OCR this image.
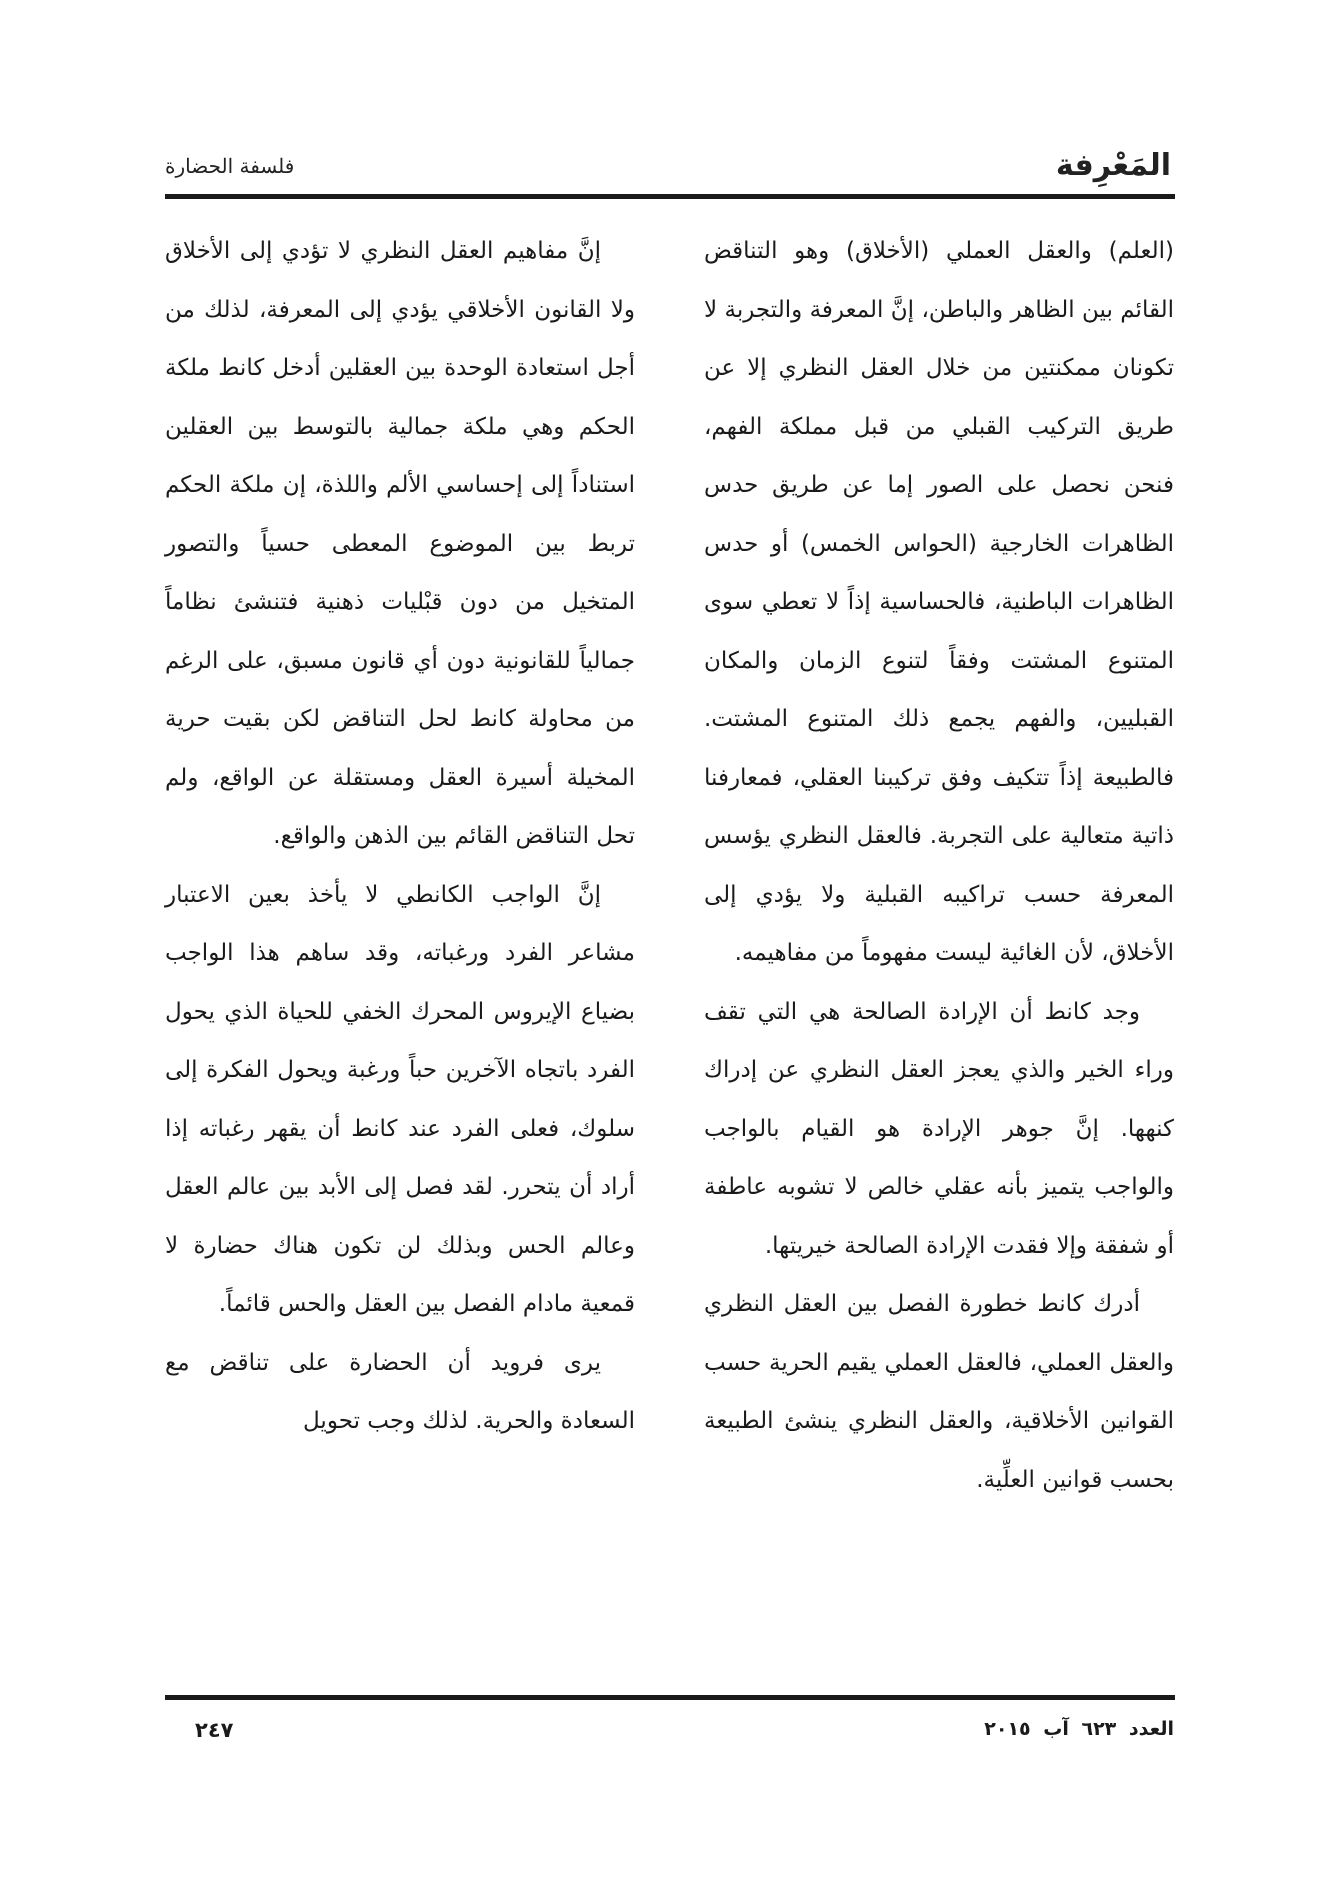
المَعْرِفة
فلسفة الحضارة

(العلم) والعقل العملي (الأخلاق) وهو التناقض القائم بين الظاهر والباطن، إنَّ المعرفة والتجربة لا تكونان ممكنتين من خلال العقل النظري إلا عن طريق التركيب القبلي من قبل مملكة الفهم، فنحن نحصل على الصور إما عن طريق حدس الظاهرات الخارجية (الحواس الخمس) أو حدس الظاهرات الباطنية، فالحساسية إذاً لا تعطي سوى المتنوع المشتت وفقاً لتنوع الزمان والمكان القبليين، والفهم يجمع ذلك المتنوع المشتت. فالطبيعة إذاً تتكيف وفق تركيبنا العقلي، فمعارفنا ذاتية متعالية على التجربة. فالعقل النظري يؤسس المعرفة حسب تراكيبه القبلية ولا يؤدي إلى الأخلاق، لأن الغائية ليست مفهوماً من مفاهيمه.

وجد كانط أن الإرادة الصالحة هي التي تقف وراء الخير والذي يعجز العقل النظري عن إدراك كنهها. إنَّ جوهر الإرادة هو القيام بالواجب والواجب يتميز بأنه عقلي خالص لا تشوبه عاطفة أو شفقة وإلا فقدت الإرادة الصالحة خيريتها.

أدرك كانط خطورة الفصل بين العقل النظري والعقل العملي، فالعقل العملي يقيم الحرية حسب القوانين الأخلاقية، والعقل النظري ينشئ الطبيعة بحسب قوانين العلِّية.

إنَّ مفاهيم العقل النظري لا تؤدي إلى الأخلاق ولا القانون الأخلاقي يؤدي إلى المعرفة، لذلك من أجل استعادة الوحدة بين العقلين أدخل كانط ملكة الحكم وهي ملكة جمالية بالتوسط بين العقلين استناداً إلى إحساسي الألم واللذة، إن ملكة الحكم تربط بين الموضوع المعطى حسياً والتصور المتخيل من دون قبْليات ذهنية فتنشئ نظاماً جمالياً للقانونية دون أي قانون مسبق، على الرغم من محاولة كانط لحل التناقض لكن بقيت حرية المخيلة أسيرة العقل ومستقلة عن الواقع، ولم تحل التناقض القائم بين الذهن والواقع.

إنَّ الواجب الكانطي لا يأخذ بعين الاعتبار مشاعر الفرد ورغباته، وقد ساهم هذا الواجب بضياع الإيروس المحرك الخفي للحياة الذي يحول الفرد باتجاه الآخرين حباً ورغبة ويحول الفكرة إلى سلوك، فعلى الفرد عند كانط أن يقهر رغباته إذا أراد أن يتحرر. لقد فصل إلى الأبد بين عالم العقل وعالم الحس وبذلك لن تكون هناك حضارة لا قمعية مادام الفصل بين العقل والحس قائماً.

يرى فرويد أن الحضارة على تناقض مع السعادة والحرية. لذلك وجب تحويل

٢٤٧	العدد ٦٢٣ آب ٢٠١٥
